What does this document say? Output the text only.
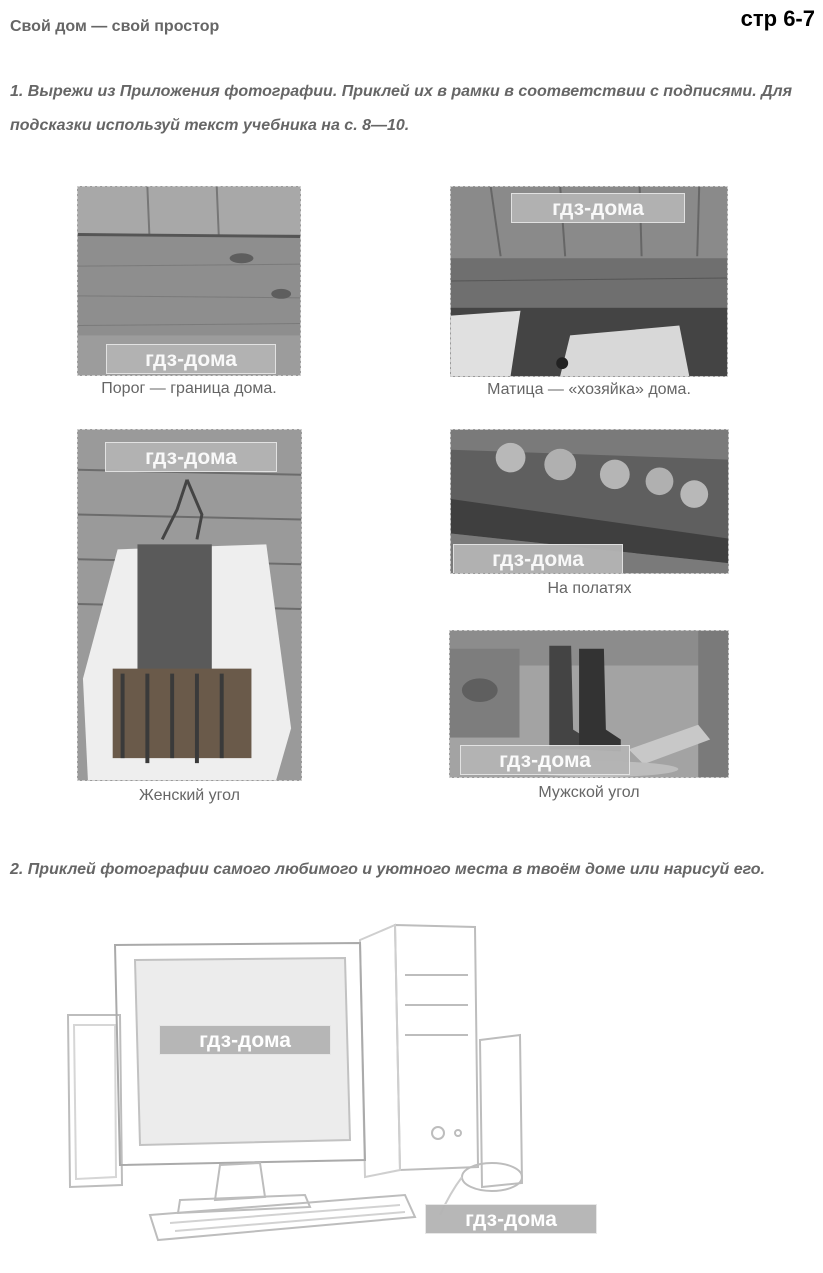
Свой дом — свой простор	стр 6-7
1. Вырежи из Приложения фотографии. Приклей их в рамки в соответствии с подписями. Для подсказки используй текст учебника на с. 8—10.
гдз-дома
Порог — граница дома.
гдз-дома
Матица — «хозяйка» дома.
гдз-дома
Женский угол
гдз-дома
На полатях
гдз-дома
Мужской угол
2. Приклей фотографии самого любимого и уютного места в твоём доме или нарисуй его.
гдз-дома
гдз-дома
